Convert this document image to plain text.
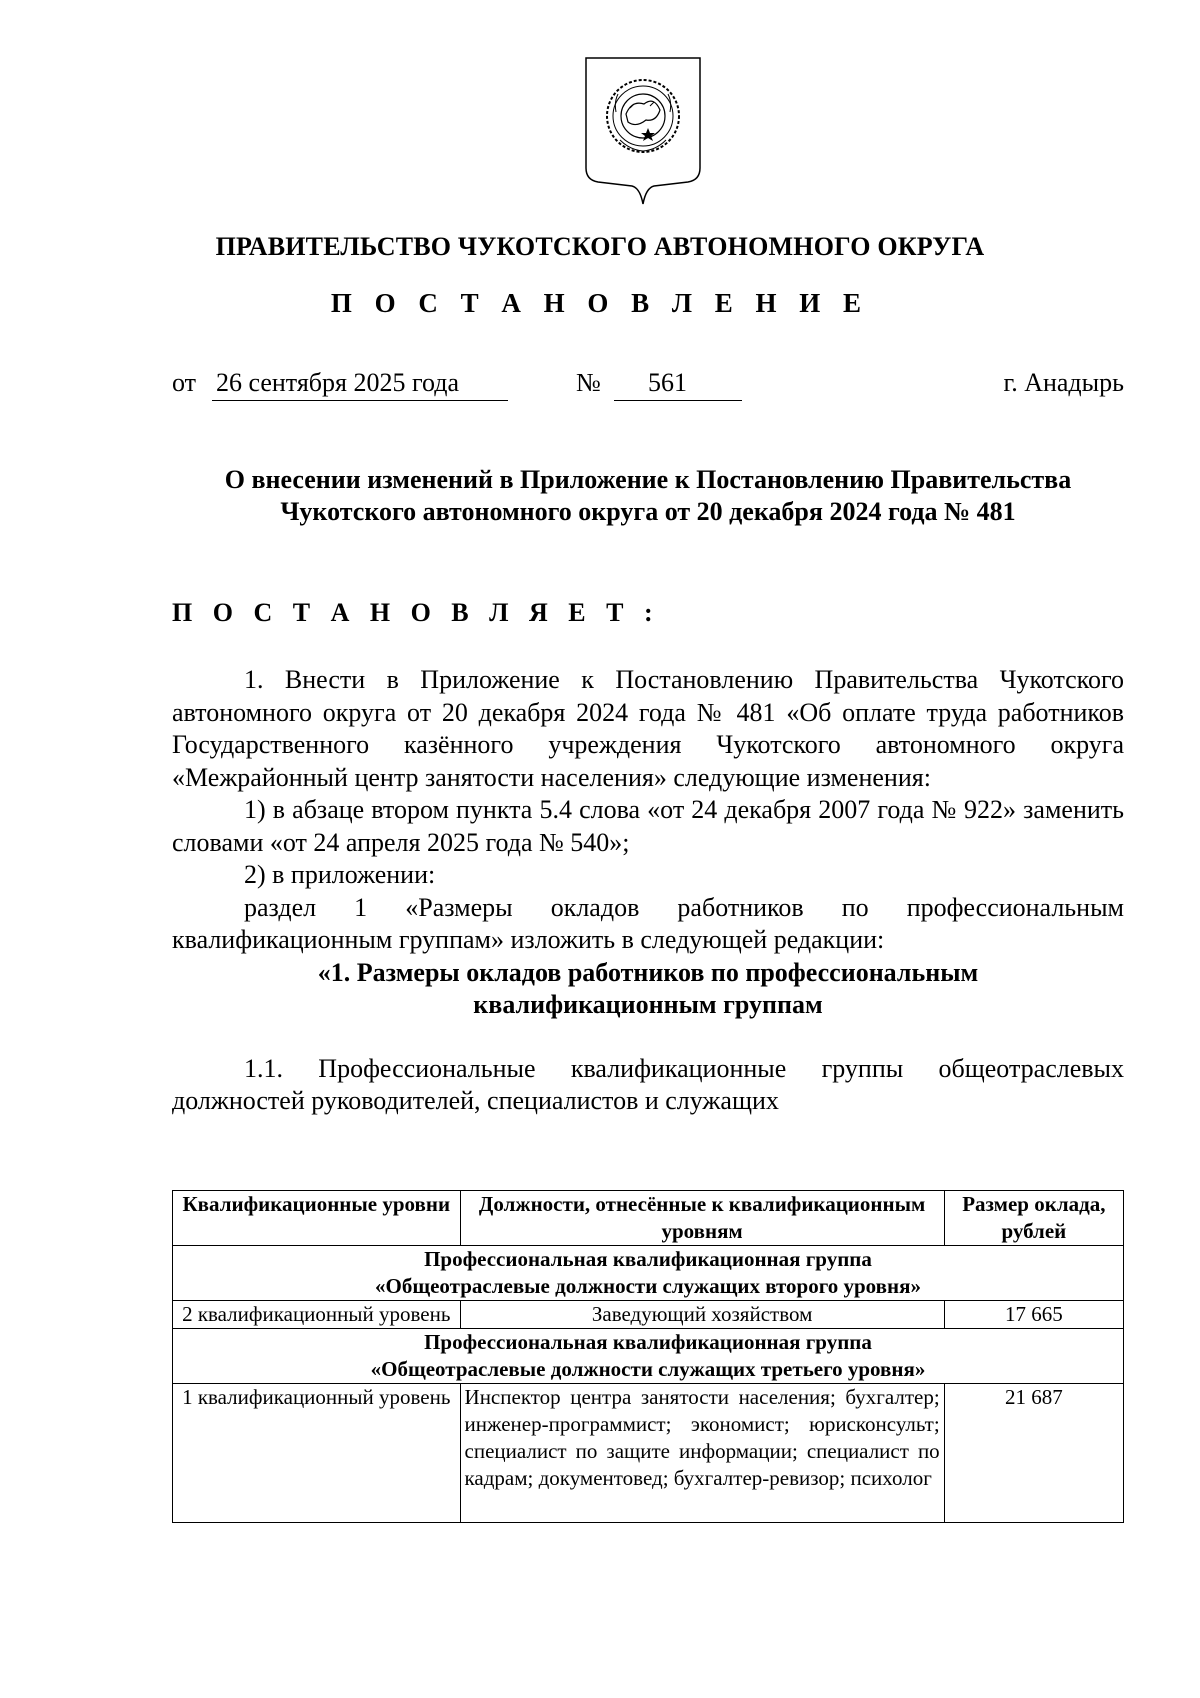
ПРАВИТЕЛЬСТВО ЧУКОТСКОГО АВТОНОМНОГО ОКРУГА
П О С Т А Н О В Л Е Н И Е
от 26 сентября 2025 года	№ 561	г. Анадырь
О внесении изменений в Приложение к Постановлению Правительства
Чукотского автономного округа от 20 декабря 2024 года № 481
П О С Т А Н О В Л Я Е Т :

1. Внести в Приложение к Постановлению Правительства Чукотского

автономного округа от 20 декабря 2024 года № 481 «Об оплате труда работников Государственного казённого учреждения Чукотского автономного округа «Межрайонный центр занятости населения» следующие изменения:

1) в абзаце втором пункта 5.4 слова «от 24 декабря 2007 года № 922» заменить словами «от 24 апреля 2025 года № 540»;

2) в приложении:

раздел 1 «Размеры окладов работников по профессиональным квалификационным группам» изложить в следующей редакции:

«1. Размеры окладов работников по профессиональным

квалификационным группам

1.1. Профессиональные квалификационные группы общеотраслевых должностей руководителей, специалистов и служащих

Квалификационные уровни	Должности, отнесённые к квалификационным уровням	Размер оклада, рублей

Профессиональная квалификационная группа
«Общеотраслевые должности служащих второго уровня»		

2 квалификационный уровень	Заведующий хозяйством	17 665

Профессиональная квалификационная группа
«Общеотраслевые должности служащих третьего уровня»		

1 квалификационный уровень	Инспектор центра занятости населения; бухгалтер; инженер-программист; экономист; юрисконсульт; специалист по защите информации; специалист по кадрам; документовед; бухгалтер-ревизор; психолог	21 687
